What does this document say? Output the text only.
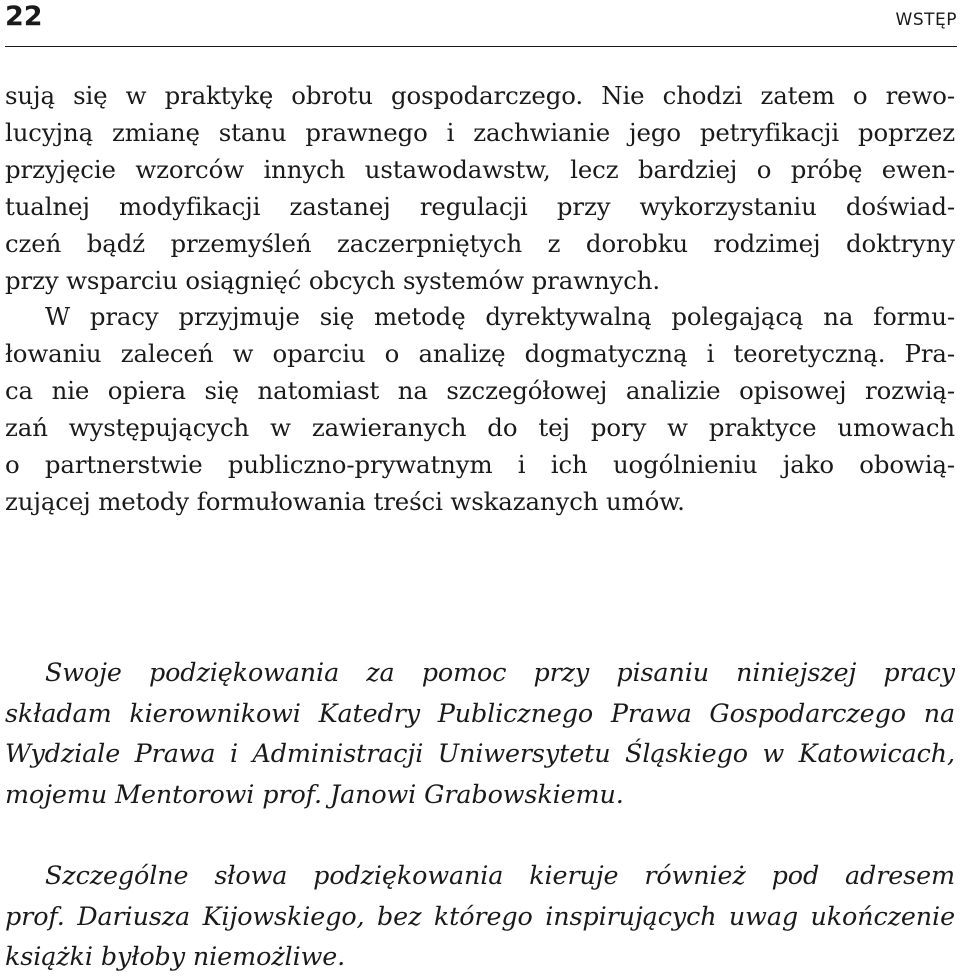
22	WSTĘP

sują się w praktykę obrotu gospodarczego. Nie chodzi zatem o rewo-
lucyjną zmianę stanu prawnego i zachwianie jego petryfikacji poprzez
przyjęcie wzorców innych ustawodawstw, lecz bardziej o próbę ewen-
tualnej modyfikacji zastanej regulacji przy wykorzystaniu doświad-
czeń bądź przemyśleń zaczerpniętych z dorobku rodzimej doktryny
przy wsparciu osiągnięć obcych systemów prawnych.

W pracy przyjmuje się metodę dyrektywalną polegającą na formu-
łowaniu zaleceń w oparciu o analizę dogmatyczną i teoretyczną. Pra-
ca nie opiera się natomiast na szczegółowej analizie opisowej rozwią-
zań występujących w zawieranych do tej pory w praktyce umowach
o partnerstwie publiczno-prywatnym i ich uogólnieniu jako obowią-
zującej metody formułowania treści wskazanych umów.

Swoje podziękowania za pomoc przy pisaniu niniejszej pracy
składam kierownikowi Katedry Publicznego Prawa Gospodarczego na
Wydziale Prawa i Administracji Uniwersytetu Śląskiego w Katowicach,
mojemu Mentorowi prof. Janowi Grabowskiemu.
Szczególne słowa podziękowania kieruje również pod adresem
prof. Dariusza Kijowskiego, bez którego inspirujących uwag ukończenie
książki byłoby niemożliwe.
